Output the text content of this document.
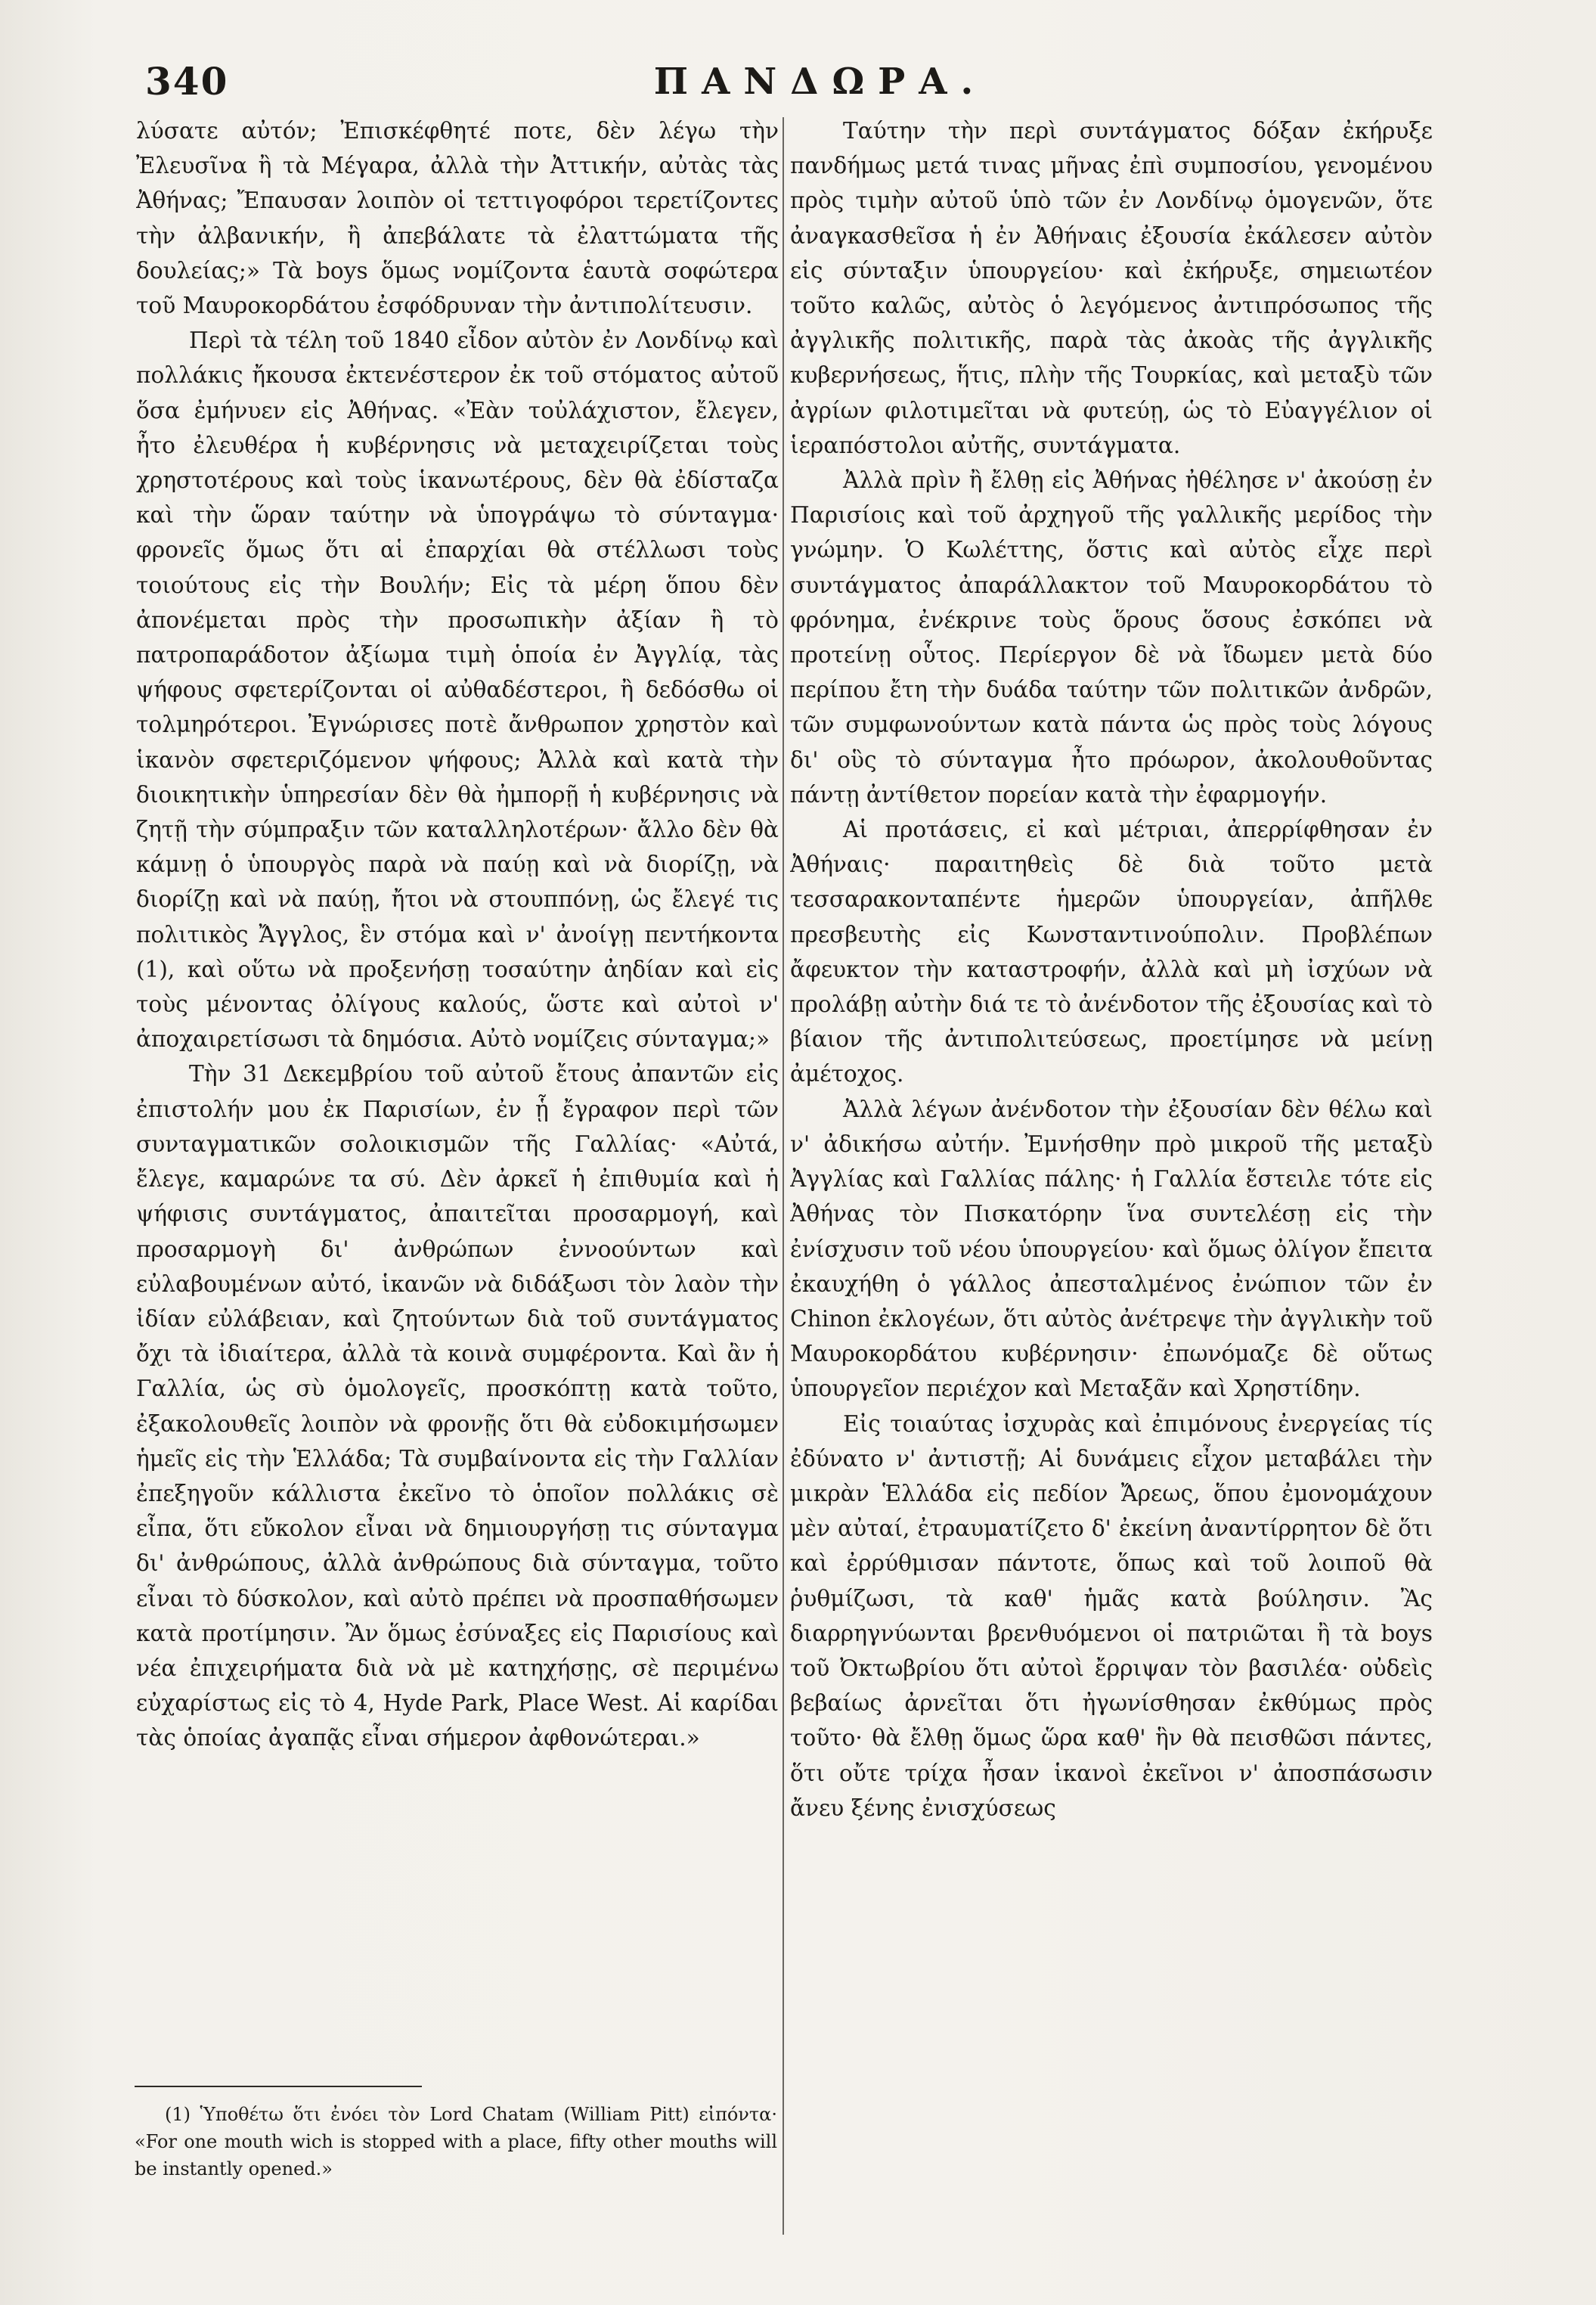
340	ΠΑΝΔΩΡΑ.

λύσατε αὐτόν; Ἐπισκέφθητέ ποτε, δὲν λέγω τὴν Ἐλευσῖνα ἢ τὰ Μέγαρα, ἀλλὰ τὴν Ἀττικήν, αὐτὰς τὰς Ἀθήνας; Ἔπαυσαν λοιπὸν οἱ τεττιγοφόροι τερετίζοντες τὴν ἀλβανικήν, ἢ ἀπεβάλατε τὰ ἐλαττώματα τῆς δουλείας;» Τὰ boys ὅμως νομίζοντα ἑαυτὰ σοφώτερα τοῦ Μαυροκορδάτου ἐσφόδρυναν τὴν ἀντιπολίτευσιν.

Περὶ τὰ τέλη τοῦ 1840 εἶδον αὐτὸν ἐν Λονδίνῳ καὶ πολλάκις ἤκουσα ἐκτενέστερον ἐκ τοῦ στόματος αὐτοῦ ὅσα ἐμήνυεν εἰς Ἀθήνας. «Ἐὰν τοὐλάχιστον, ἔλεγεν, ἦτο ἐλευθέρα ἡ κυβέρνησις νὰ μεταχειρίζεται τοὺς χρηστοτέρους καὶ τοὺς ἱκανωτέρους, δὲν θὰ ἐδίσταζα καὶ τὴν ὥραν ταύτην νὰ ὑπογράψω τὸ σύνταγμα· φρονεῖς ὅμως ὅτι αἱ ἐπαρχίαι θὰ στέλλωσι τοὺς τοιούτους εἰς τὴν Βουλήν; Εἰς τὰ μέρη ὅπου δὲν ἀπονέμεται πρὸς τὴν προσωπικὴν ἀξίαν ἢ τὸ πατροπαράδοτον ἀξίωμα τιμὴ ὁποία ἐν Ἀγγλίᾳ, τὰς ψήφους σφετερίζονται οἱ αὐθαδέστεροι, ἢ δεδόσθω οἱ τολμηρότεροι. Ἐγνώρισες ποτὲ ἄνθρωπον χρηστὸν καὶ ἱκανὸν σφετεριζόμενον ψήφους; Ἀλλὰ καὶ κατὰ τὴν διοικητικὴν ὑπηρεσίαν δὲν θὰ ἠμπορῇ ἡ κυβέρνησις νὰ ζητῇ τὴν σύμπραξιν τῶν καταλληλοτέρων· ἄλλο δὲν θὰ κάμνῃ ὁ ὑπουργὸς παρὰ νὰ παύῃ καὶ νὰ διορίζῃ, νὰ διορίζῃ καὶ νὰ παύῃ, ἤτοι νὰ στουππόνῃ, ὡς ἔλεγέ τις πολιτικὸς Ἄγγλος, ἓν στόμα καὶ ν' ἀνοίγῃ πεντήκοντα (1), καὶ οὕτω νὰ προξενήσῃ τοσαύτην ἀηδίαν καὶ εἰς τοὺς μένοντας ὀλίγους καλούς, ὥστε καὶ αὐτοὶ ν' ἀποχαιρετίσωσι τὰ δημόσια. Αὐτὸ νομίζεις σύνταγμα;»

Τὴν 31 Δεκεμβρίου τοῦ αὐτοῦ ἔτους ἀπαντῶν εἰς ἐπιστολήν μου ἐκ Παρισίων, ἐν ᾗ ἔγραφον περὶ τῶν συνταγματικῶν σολοικισμῶν τῆς Γαλλίας· «Αὐτά, ἔλεγε, καμαρώνε τα σύ. Δὲν ἀρκεῖ ἡ ἐπιθυμία καὶ ἡ ψήφισις συντάγματος, ἀπαιτεῖται προσαρμογή, καὶ προσαρμογὴ δι' ἀνθρώπων ἐννοούντων καὶ εὐλαβουμένων αὐτό, ἱκανῶν νὰ διδάξωσι τὸν λαὸν τὴν ἰδίαν εὐλάβειαν, καὶ ζητούντων διὰ τοῦ συντάγματος ὄχι τὰ ἰδιαίτερα, ἀλλὰ τὰ κοινὰ συμφέροντα. Καὶ ἂν ἡ Γαλλία, ὡς σὺ ὁμολογεῖς, προσκόπτῃ κατὰ τοῦτο, ἐξακολουθεῖς λοιπὸν νὰ φρονῇς ὅτι θὰ εὐδοκιμήσωμεν ἡμεῖς εἰς τὴν Ἑλλάδα; Τὰ συμβαίνοντα εἰς τὴν Γαλλίαν ἐπεξηγοῦν κάλλιστα ἐκεῖνο τὸ ὁποῖον πολλάκις σὲ εἶπα, ὅτι εὔκολον εἶναι νὰ δημιουργήσῃ τις σύνταγμα δι' ἀνθρώπους, ἀλλὰ ἀνθρώπους διὰ σύνταγμα, τοῦτο εἶναι τὸ δύσκολον, καὶ αὐτὸ πρέπει νὰ προσπαθήσωμεν κατὰ προτίμησιν. Ἂν ὅμως ἐσύναξες εἰς Παρισίους καὶ νέα ἐπιχειρήματα διὰ νὰ μὲ κατηχήσῃς, σὲ περιμένω εὐχαρίστως εἰς τὸ 4, Hyde Park, Place West. Αἱ καρίδαι τὰς ὁποίας ἀγαπᾷς εἶναι σήμερον ἀφθονώτεραι.»

Ταύτην τὴν περὶ συντάγματος δόξαν ἐκήρυξε πανδήμως μετά τινας μῆνας ἐπὶ συμποσίου, γενομένου πρὸς τιμὴν αὐτοῦ ὑπὸ τῶν ἐν Λονδίνῳ ὁμογενῶν, ὅτε ἀναγκασθεῖσα ἡ ἐν Ἀθήναις ἐξουσία ἐκάλεσεν αὐτὸν εἰς σύνταξιν ὑπουργείου· καὶ ἐκήρυξε, σημειωτέον τοῦτο καλῶς, αὐτὸς ὁ λεγόμενος ἀντιπρόσωπος τῆς ἀγγλικῆς πολιτικῆς, παρὰ τὰς ἀκοὰς τῆς ἀγγλικῆς κυβερνήσεως, ἥτις, πλὴν τῆς Τουρκίας, καὶ μεταξὺ τῶν ἀγρίων φιλοτιμεῖται νὰ φυτεύῃ, ὡς τὸ Εὐαγγέλιον οἱ ἱεραπόστολοι αὐτῆς, συντάγματα.

Ἀλλὰ πρὶν ἢ ἔλθῃ εἰς Ἀθήνας ἠθέλησε ν' ἀκούσῃ ἐν Παρισίοις καὶ τοῦ ἀρχηγοῦ τῆς γαλλικῆς μερίδος τὴν γνώμην. Ὁ Κωλέττης, ὅστις καὶ αὐτὸς εἶχε περὶ συντάγματος ἀπαράλλακτον τοῦ Μαυροκορδάτου τὸ φρόνημα, ἐνέκρινε τοὺς ὅρους ὅσους ἐσκόπει νὰ προτείνῃ οὗτος. Περίεργον δὲ νὰ ἴδωμεν μετὰ δύο περίπου ἔτη τὴν δυάδα ταύτην τῶν πολιτικῶν ἀνδρῶν, τῶν συμφωνούντων κατὰ πάντα ὡς πρὸς τοὺς λόγους δι' οὓς τὸ σύνταγμα ἦτο πρόωρον, ἀκολουθοῦντας πάντῃ ἀντίθετον πορείαν κατὰ τὴν ἐφαρμογήν.

Αἱ προτάσεις, εἰ καὶ μέτριαι, ἀπερρίφθησαν ἐν Ἀθήναις· παραιτηθεὶς δὲ διὰ τοῦτο μετὰ τεσσαρακονταπέντε ἡμερῶν ὑπουργείαν, ἀπῆλθε πρεσβευτὴς εἰς Κωνσταντινούπολιν. Προβλέπων ἄφευκτον τὴν καταστροφήν, ἀλλὰ καὶ μὴ ἰσχύων νὰ προλάβῃ αὐτὴν διά τε τὸ ἀνένδοτον τῆς ἐξουσίας καὶ τὸ βίαιον τῆς ἀντιπολιτεύσεως, προετίμησε νὰ μείνῃ ἀμέτοχος.

Ἀλλὰ λέγων ἀνένδοτον τὴν ἐξουσίαν δὲν θέλω καὶ ν' ἀδικήσω αὐτήν. Ἐμνήσθην πρὸ μικροῦ τῆς μεταξὺ Ἀγγλίας καὶ Γαλλίας πάλης· ἡ Γαλλία ἔστειλε τότε εἰς Ἀθήνας τὸν Πισκατόρην ἵνα συντελέσῃ εἰς τὴν ἐνίσχυσιν τοῦ νέου ὑπουργείου· καὶ ὅμως ὀλίγον ἔπειτα ἐκαυχήθη ὁ γάλλος ἀπεσταλμένος ἐνώπιον τῶν ἐν Chinon ἐκλογέων, ὅτι αὐτὸς ἀνέτρεψε τὴν ἀγγλικὴν τοῦ Μαυροκορδάτου κυβέρνησιν· ἐπωνόμαζε δὲ οὕτως ὑπουργεῖον περιέχον καὶ Μεταξᾶν καὶ Χρηστίδην.

Εἰς τοιαύτας ἰσχυρὰς καὶ ἐπιμόνους ἐνεργείας τίς ἐδύνατο ν' ἀντιστῇ; Αἱ δυνάμεις εἶχον μεταβάλει τὴν μικρὰν Ἑλλάδα εἰς πεδίον Ἄρεως, ὅπου ἐμονομάχουν μὲν αὐταί, ἐτραυματίζετο δ' ἐκείνη ἀναντίρρητον δὲ ὅτι καὶ ἐρρύθμισαν πάντοτε, ὅπως καὶ τοῦ λοιποῦ θὰ ῥυθμίζωσι, τὰ καθ' ἡμᾶς κατὰ βούλησιν. Ἂς διαρρηγνύωνται βρενθυόμενοι οἱ πατριῶται ἢ τὰ boys τοῦ Ὀκτωβρίου ὅτι αὐτοὶ ἔρριψαν τὸν βασιλέα· οὐδεὶς βεβαίως ἀρνεῖται ὅτι ἠγωνίσθησαν ἐκθύμως πρὸς τοῦτο· θὰ ἔλθῃ ὅμως ὥρα καθ' ἣν θὰ πεισθῶσι πάντες, ὅτι οὔτε τρίχα ἦσαν ἱκανοὶ ἐκεῖνοι ν' ἀποσπάσωσιν ἄνευ ξένης ἐνισχύσεως

(1) Ὑποθέτω ὅτι ἐνόει τὸν Lord Chatam (William Pitt) εἰπόντα· «For one mouth wich is stopped with a place, fifty other mouths will be instantly opened.»
